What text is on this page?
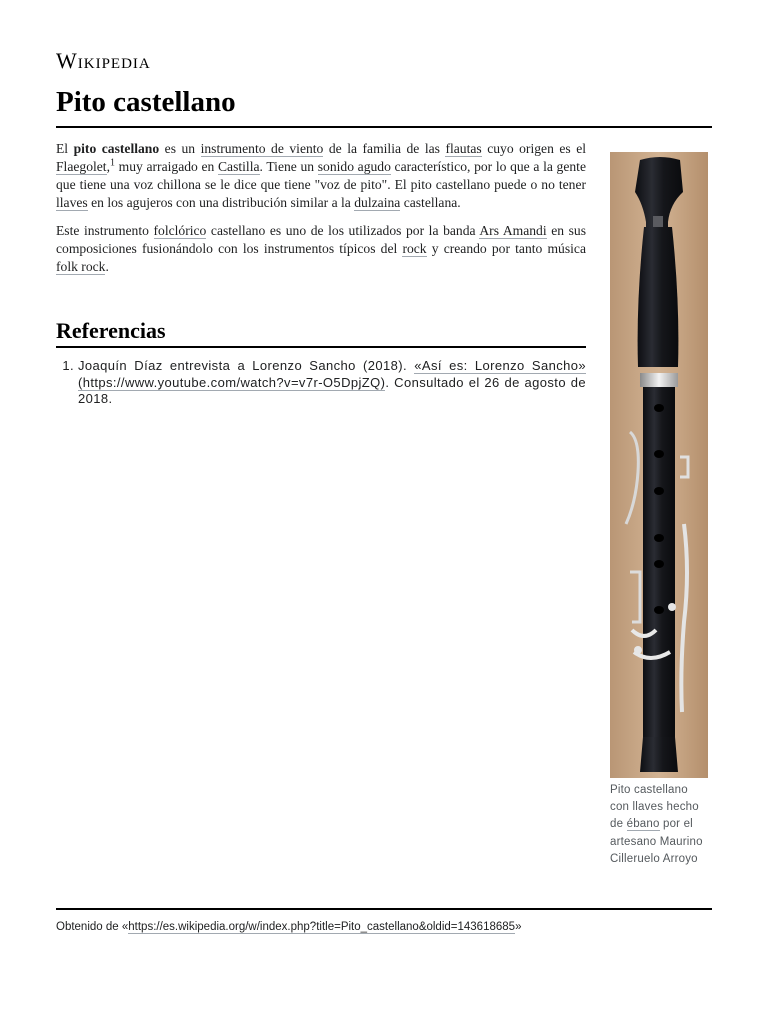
Wikipedia
Pito castellano

El pito castellano es un instrumento de viento de la familia de las flautas cuyo origen es el Flaegolet,$^1$ muy arraigado en Castilla. Tiene un sonido agudo característico, por lo que a la gente que tiene una voz chillona se le dice que tiene "voz de pito". El pito castellano puede o no tener llaves en los agujeros con una distribución similar a la dulzaina castellana.

Este instrumento folclórico castellano es uno de los utilizados por la banda Ars Amandi en sus composiciones fusionándolo con los instrumentos típicos del rock y creando por tanto música folk rock.

Referencias
1. Joaquín Díaz entrevista a Lorenzo Sancho (2018). «Así es: Lorenzo Sancho» (https://www.youtube.com/watch?v=v7r-O5DpjZQ). Consultado el 26 de agosto de 2018.
Pito castellano con llaves hecho de ébano por el artesano Maurino Cilleruelo Arroyo
Obtenido de «https://es.wikipedia.org/w/index.php?title=Pito_castellano&oldid=143618685»
